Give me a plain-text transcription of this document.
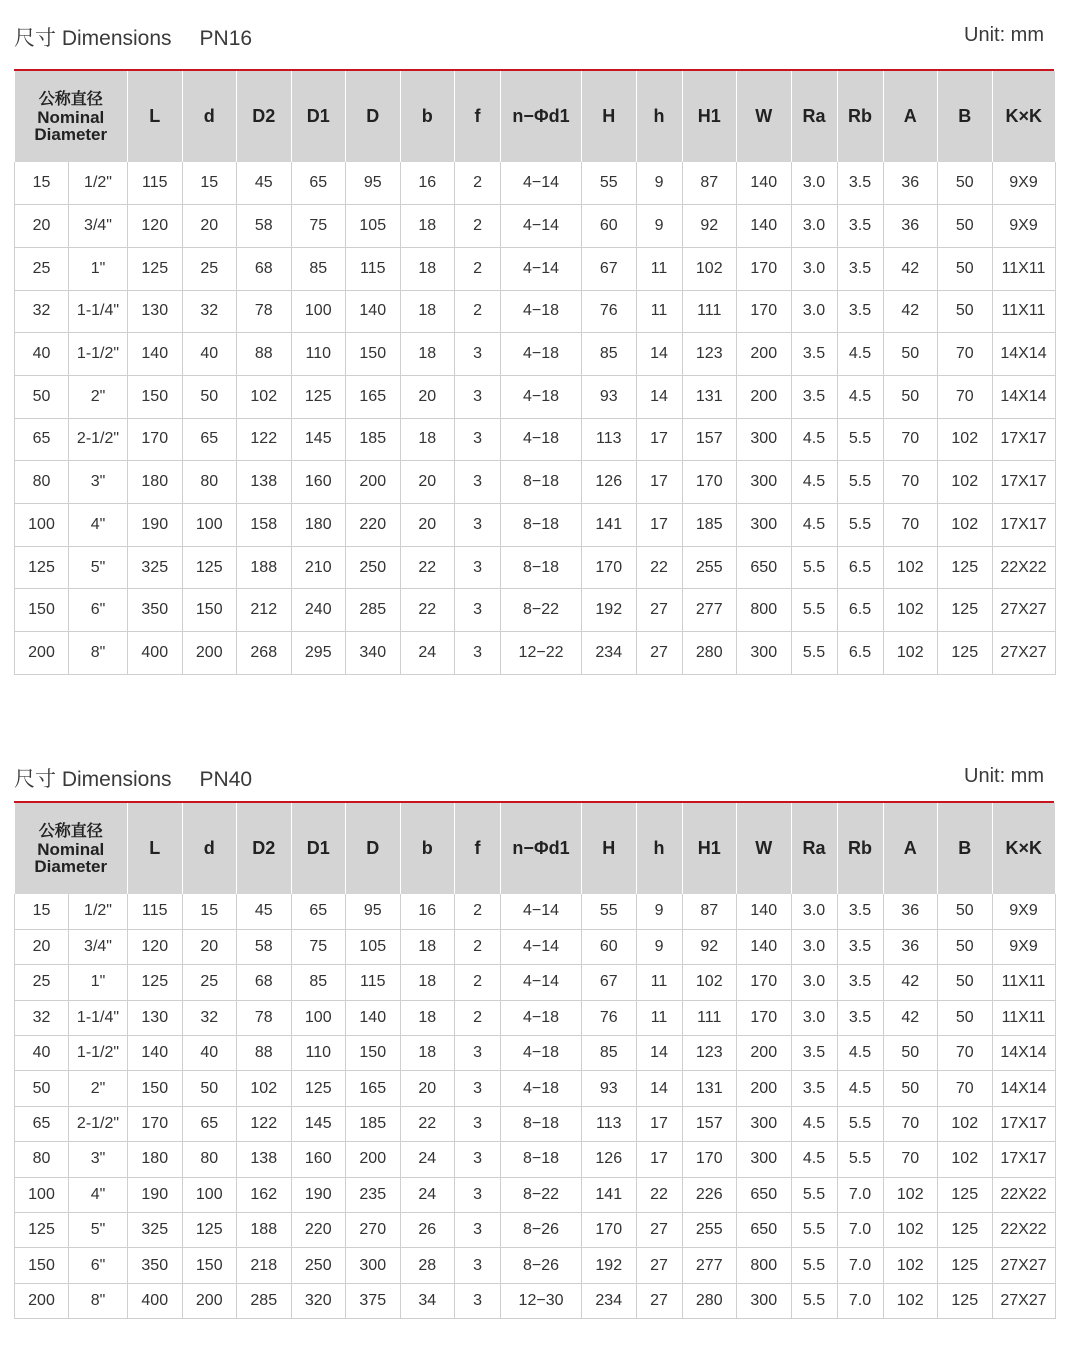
尺寸 Dimensions PN16	Unit: mm
公称直径
Nominal
Diameter		L	d	D2	D1	D	b	f	n−Φd1	H	h	H1	W	Ra	Rb	A	B	K×K
15	1/2"	115	15	45	65	95	16	2	4−14	55	9	87	140	3.0	3.5	36	50	9X9
20	3/4"	120	20	58	75	105	18	2	4−14	60	9	92	140	3.0	3.5	36	50	9X9
25	1"	125	25	68	85	115	18	2	4−14	67	11	102	170	3.0	3.5	42	50	11X11
32	1-1/4"	130	32	78	100	140	18	2	4−18	76	11	111	170	3.0	3.5	42	50	11X11
40	1-1/2"	140	40	88	110	150	18	3	4−18	85	14	123	200	3.5	4.5	50	70	14X14
50	2"	150	50	102	125	165	20	3	4−18	93	14	131	200	3.5	4.5	50	70	14X14
65	2-1/2"	170	65	122	145	185	18	3	4−18	113	17	157	300	4.5	5.5	70	102	17X17
80	3"	180	80	138	160	200	20	3	8−18	126	17	170	300	4.5	5.5	70	102	17X17
100	4"	190	100	158	180	220	20	3	8−18	141	17	185	300	4.5	5.5	70	102	17X17
125	5"	325	125	188	210	250	22	3	8−18	170	22	255	650	5.5	6.5	102	125	22X22
150	6"	350	150	212	240	285	22	3	8−22	192	27	277	800	5.5	6.5	102	125	27X27
200	8"	400	200	268	295	340	24	3	12−22	234	27	280	300	5.5	6.5	102	125	27X27
尺寸 Dimensions PN40	Unit: mm
公称直径
Nominal
Diameter		L	d	D2	D1	D	b	f	n−Φd1	H	h	H1	W	Ra	Rb	A	B	K×K
15	1/2"	115	15	45	65	95	16	2	4−14	55	9	87	140	3.0	3.5	36	50	9X9
20	3/4"	120	20	58	75	105	18	2	4−14	60	9	92	140	3.0	3.5	36	50	9X9
25	1"	125	25	68	85	115	18	2	4−14	67	11	102	170	3.0	3.5	42	50	11X11
32	1-1/4"	130	32	78	100	140	18	2	4−18	76	11	111	170	3.0	3.5	42	50	11X11
40	1-1/2"	140	40	88	110	150	18	3	4−18	85	14	123	200	3.5	4.5	50	70	14X14
50	2"	150	50	102	125	165	20	3	4−18	93	14	131	200	3.5	4.5	50	70	14X14
65	2-1/2"	170	65	122	145	185	22	3	8−18	113	17	157	300	4.5	5.5	70	102	17X17
80	3"	180	80	138	160	200	24	3	8−18	126	17	170	300	4.5	5.5	70	102	17X17
100	4"	190	100	162	190	235	24	3	8−22	141	22	226	650	5.5	7.0	102	125	22X22
125	5"	325	125	188	220	270	26	3	8−26	170	27	255	650	5.5	7.0	102	125	22X22
150	6"	350	150	218	250	300	28	3	8−26	192	27	277	800	5.5	7.0	102	125	27X27
200	8"	400	200	285	320	375	34	3	12−30	234	27	280	300	5.5	7.0	102	125	27X27
